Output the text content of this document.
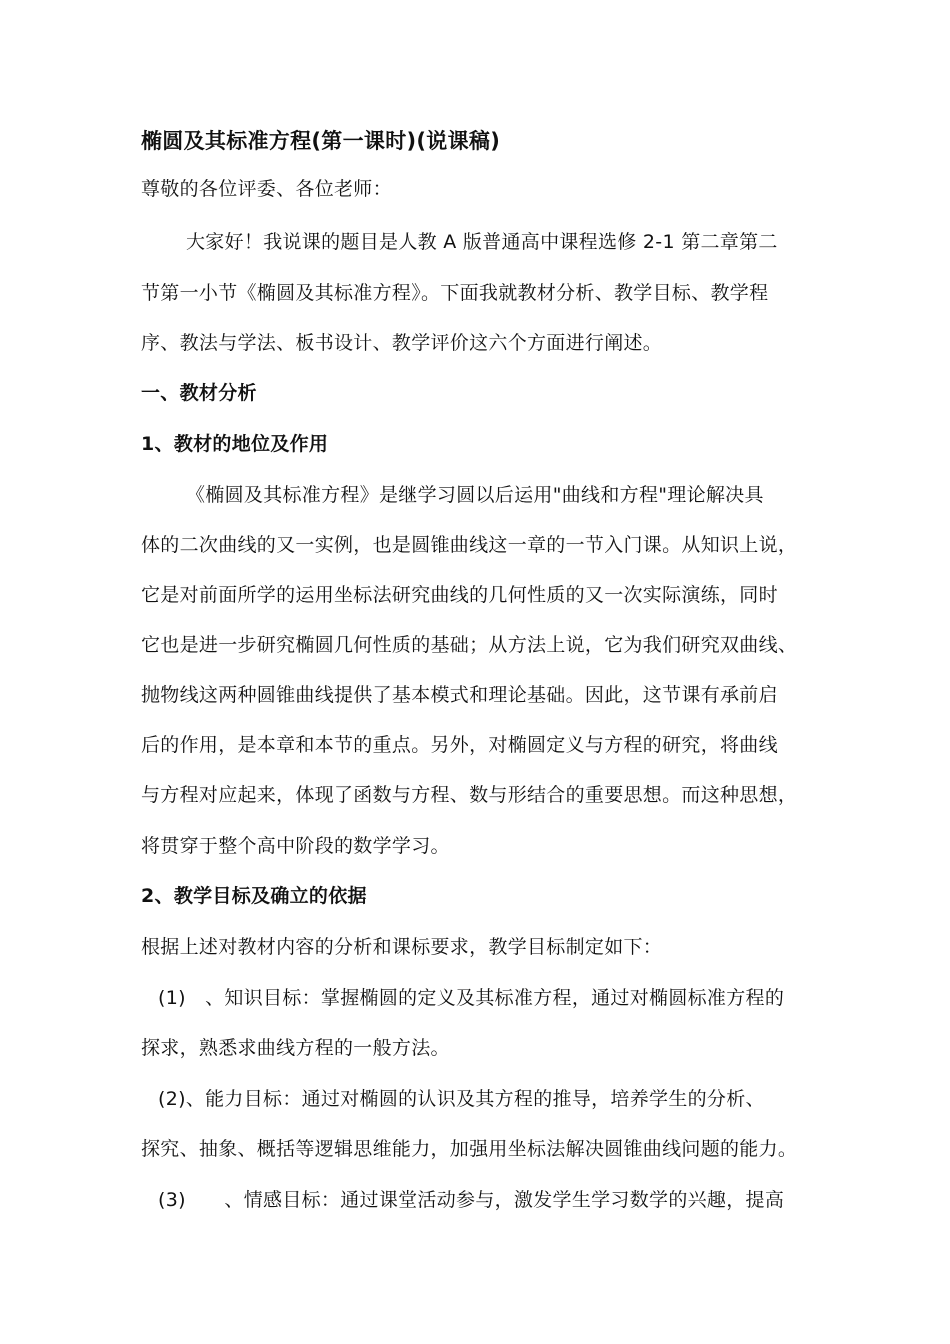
椭圆及其标准方程(第一课时)(说课稿)
尊敬的各位评委、各位老师：
大家好！我说课的题目是人教 A 版普通高中课程选修 2-1 第二章第二
节第一小节《椭圆及其标准方程》。下面我就教材分析、教学目标、教学程
序、教法与学法、板书设计、教学评价这六个方面进行阐述。
一、教材分析
1、教材的地位及作用
《椭圆及其标准方程》是继学习圆以后运用"曲线和方程"理论解决具
体的二次曲线的又一实例，也是圆锥曲线这一章的一节入门课。从知识上说，
它是对前面所学的运用坐标法研究曲线的几何性质的又一次实际演练，同时
它也是进一步研究椭圆几何性质的基础；从方法上说，它为我们研究双曲线、
抛物线这两种圆锥曲线提供了基本模式和理论基础。因此，这节课有承前启
后的作用，是本章和本节的重点。另外，对椭圆定义与方程的研究，将曲线
与方程对应起来，体现了函数与方程、数与形结合的重要思想。而这种思想，
将贯穿于整个高中阶段的数学学习。
2、教学目标及确立的依据
根据上述对教材内容的分析和课标要求，教学目标制定如下：
(1)　、知识目标：掌握椭圆的定义及其标准方程，通过对椭圆标准方程的
探求，熟悉求曲线方程的一般方法。
(2)、能力目标：通过对椭圆的认识及其方程的推导，培养学生的分析、
探究、抽象、概括等逻辑思维能力，加强用坐标法解决圆锥曲线问题的能力。
(3)　　、情感目标：通过课堂活动参与，激发学生学习数学的兴趣，提高
